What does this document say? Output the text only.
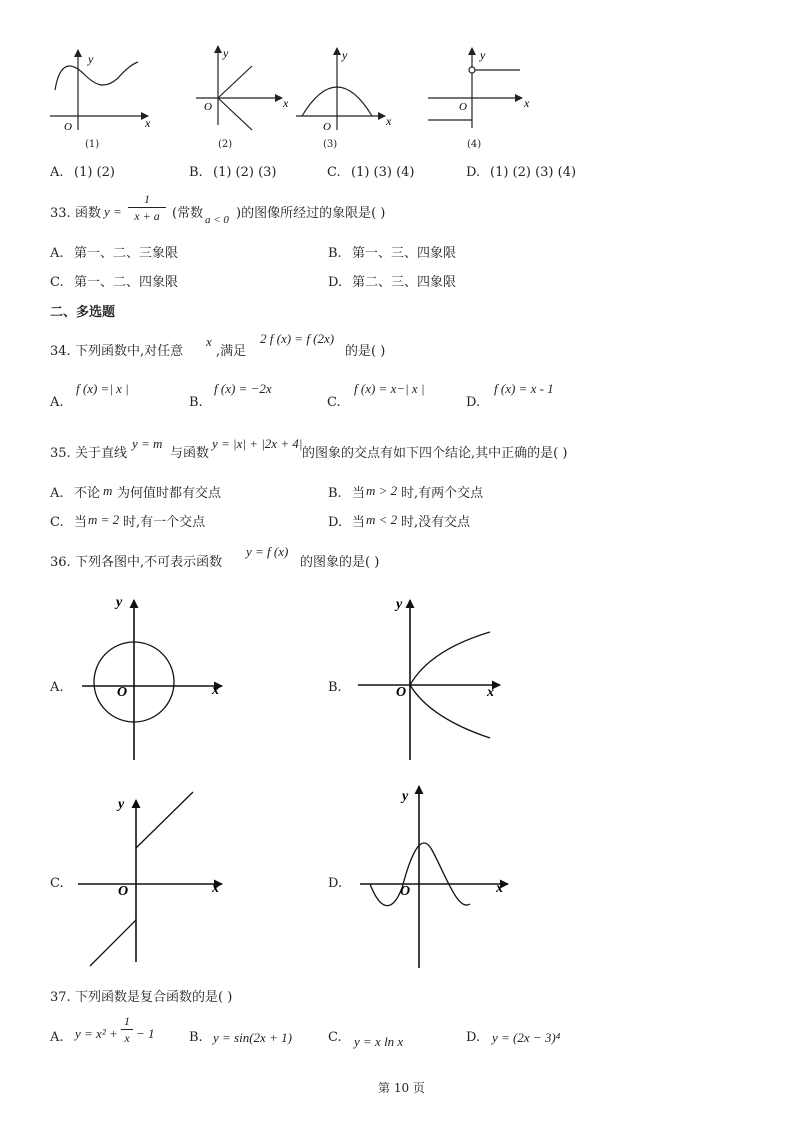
y
x
O
y
x
O
y
x
O
y
x
O
(1)	(2)	(3)	(4)
A. (1) (2)	B. (1) (2) (3)	C. (1) (3) (4)	D. (1) (2) (3) (4)
33. 函数 y =
1
x + a (常数 a < 0 )的图像所经过的象限是( )
A. 第一、二、三象限	B. 第一、三、四象限
C. 第一、二、四象限	D. 第二、三、四象限
二、多选题
34. 下列函数中,对任意
x
,满足
2 f (x) = f (2x)
的是( )
A.
f (x) =| x |
B.
f (x) = −2x
C.
f (x) = x−| x |
D.
f (x) = x - 1
35. 关于直线
y = m
与函数
y = |x| + |2x + 4|
的图象的交点有如下四个结论,其中正确的是( )
A. 不论 m 为何值时都有交点	B. 当 m > 2 时,有两个交点
C. 当 m = 2 时,有一个交点	D. 当 m < 2 时,没有交点
36. 下列各图中,不可表示函数
y = f (x)
的图象的是( )
A.	B.
C.	D.
y
x
O
y
x
O
y
x
O
y
x
O
37. 下列函数是复合函数的是( )
A. y = x² +
1
x − 1	B. y = sin(2x + 1)	C. y = x ln x	D. y = (2x − 3)⁴
第 10 页
